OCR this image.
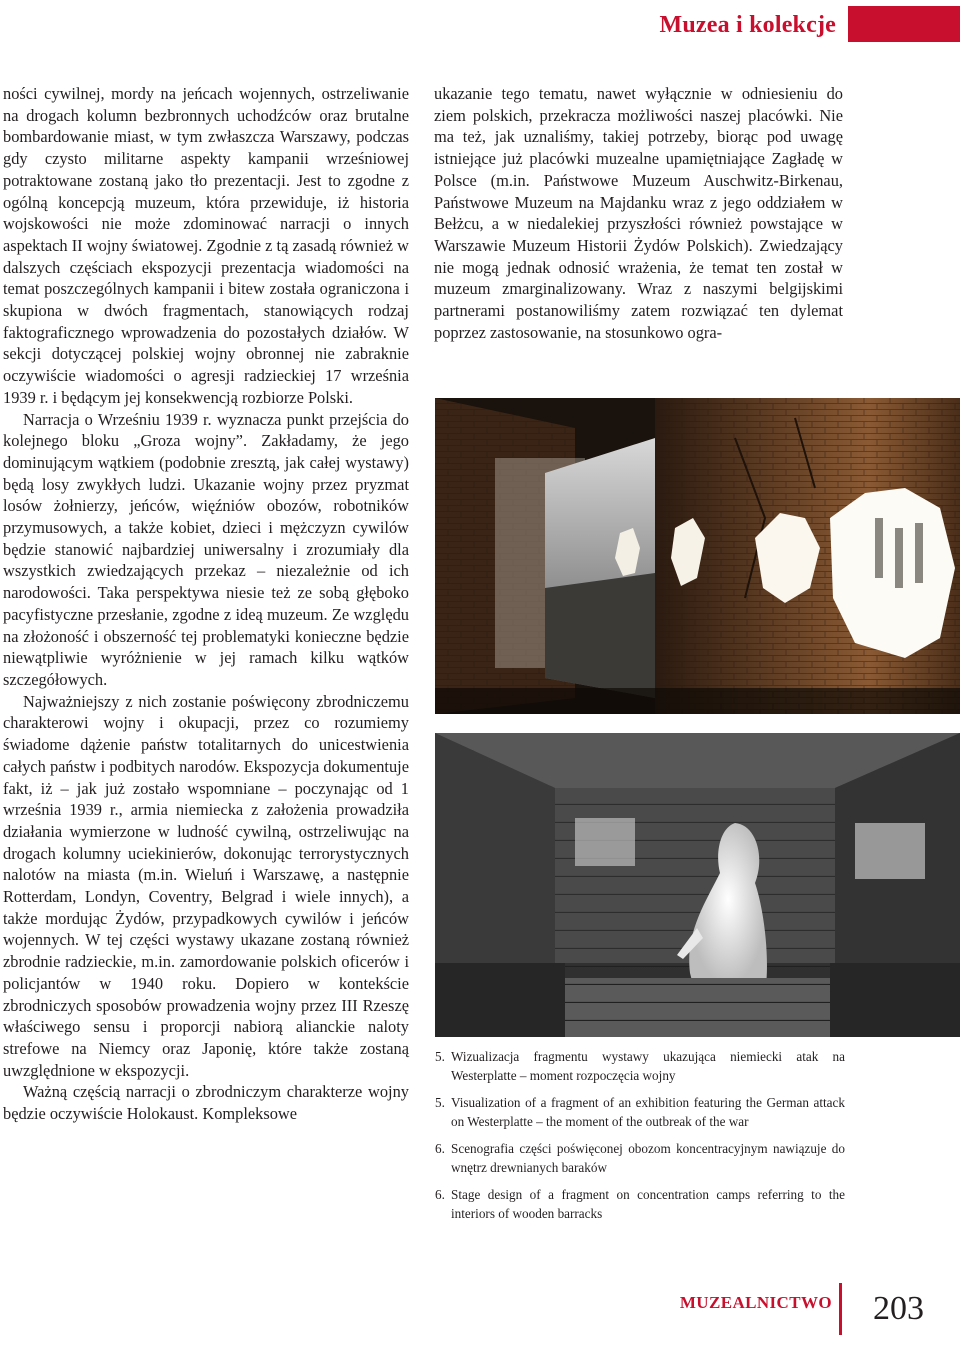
Muzea i kolekcje

ności cywilnej, mordy na jeńcach wojennych, ostrzeliwanie na drogach kolumn bezbronnych uchodźców oraz brutalne bombardowanie miast, w tym zwłaszcza Warszawy, podczas gdy czysto militarne aspekty kampanii wrześniowej potraktowane zostaną jako tło prezentacji. Jest to zgodne z ogólną koncepcją muzeum, która przewiduje, iż historia wojskowości nie może zdominować narracji o innych aspektach II wojny światowej. Zgodnie z tą zasadą również w dalszych częściach ekspozycji prezentacja wiadomości na temat poszczególnych kampanii i bitew została ograniczona i skupiona w dwóch fragmentach, stanowiących rodzaj faktograficznego wprowadzenia do pozostałych działów. W sekcji dotyczącej polskiej wojny obronnej nie zabraknie oczywiście wiadomości o agresji radzieckiej 17 września 1939 r. i będącym jej konsekwencją rozbiorze Polski.

Narracja o Wrześniu 1939 r. wyznacza punkt przejścia do kolejnego bloku „Groza wojny”. Zakładamy, że jego dominującym wątkiem (podobnie zresztą, jak całej wystawy) będą losy zwykłych ludzi. Ukazanie wojny przez pryzmat losów żołnierzy, jeńców, więźniów obozów, robotników przymusowych, a także kobiet, dzieci i mężczyzn cywilów będzie stanowić najbardziej uniwersalny i zrozumiały dla wszystkich zwiedzających przekaz – niezależnie od ich narodowości. Taka perspektywa niesie też ze sobą głęboko pacyfistyczne przesłanie, zgodne z ideą muzeum. Ze względu na złożoność i obszerność tej problematyki konieczne będzie niewątpliwie wyróżnienie w jej ramach kilku wątków szczegółowych.

Najważniejszy z nich zostanie poświęcony zbrodniczemu charakterowi wojny i okupacji, przez co rozumiemy świadome dążenie państw totalitarnych do unicestwienia całych państw i podbitych narodów. Ekspozycja dokumentuje fakt, iż – jak już zostało wspomniane – poczynając od 1 września 1939 r., armia niemiecka z założenia prowadziła działania wymierzone w ludność cywilną, ostrzeliwując na drogach kolumny uciekinierów, dokonując terrorystycznych nalotów na miasta (m.in. Wieluń i Warszawę, a następnie Rotterdam, Londyn, Coventry, Belgrad i wiele innych), a także mordując Żydów, przypadkowych cywilów i jeńców wojennych. W tej części wystawy ukazane zostaną również zbrodnie radzieckie, m.in. zamordowanie polskich oficerów i policjantów w 1940 roku. Dopiero w kontekście zbrodniczych sposobów prowadzenia wojny przez III Rzeszę właściwego sensu i proporcji nabiorą alianckie naloty strefowe na Niemcy oraz Japonię, które także zostaną uwzględnione w ekspozycji.

Ważną częścią narracji o zbrodniczym charakterze wojny będzie oczywiście Holokaust. Kompleksowe

ukazanie tego tematu, nawet wyłącznie w odniesieniu do ziem polskich, przekracza możliwości naszej placówki. Nie ma też, jak uznaliśmy, takiej potrzeby, biorąc pod uwagę istniejące już placówki muzealne upamiętniające Zagładę w Polsce (m.in. Państwowe Muzeum Auschwitz-Birkenau, Państwowe Muzeum na Majdanku wraz z jego oddziałem w Bełżcu, a w niedalekiej przyszłości również powstające w Warszawie Muzeum Historii Żydów Polskich). Zwiedzający nie mogą jednak odnosić wrażenia, że temat ten został w muzeum zmarginalizowany. Wraz z naszymi belgijskimi partnerami postanowiliśmy zatem rozwiązać ten dylemat poprzez zastosowanie, na stosunkowo ogra-

5. Wizualizacja fragmentu wystawy ukazująca niemiecki atak na Westerplatte – moment rozpoczęcia wojny
5. Visualization of a fragment of an exhibition featuring the German attack on Westerplatte – the moment of the outbreak of the war
6. Scenografia części poświęconej obozom koncentracyjnym nawiązuje do wnętrz drewnianych baraków
6. Stage design of a fragment on concentration camps referring to the interiors of wooden barracks
MUZEALNICTWO 203
